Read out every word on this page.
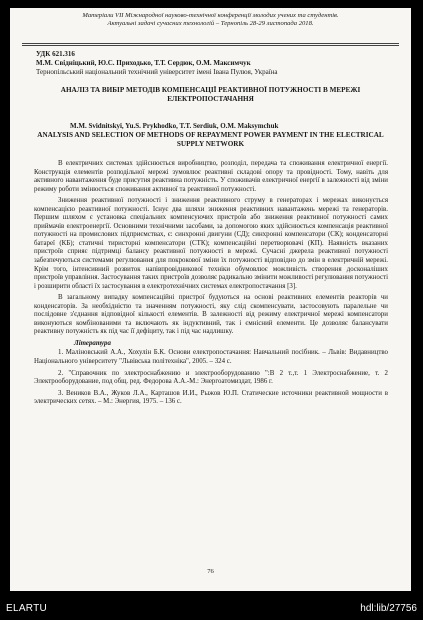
Матеріали VII Міжнародної науково-технічної конференції молодих учених та студентів.
Актуальні задачі сучасних технологій – Тернопіль 28-29 листопада 2018.
УДК 621.316
М.М. Свідніцький, Ю.С. Приходько, Т.Т. Сердюк, О.М. Максимчук
Тернопільський національний технічний університет імені Івана Пулюя, Україна
АНАЛІЗ ТА ВИБІР МЕТОДІВ КОМПЕНСАЦІЇ РЕАКТИВНОЇ ПОТУЖНОСТІ В МЕРЕЖІ ЕЛЕКТРОПОСТАЧАННЯ
M.M. Svidnitskyi, Yu.S. Prykhodko, T.T. Serdiuk, O.M. Maksymchuk
ANALYSIS AND SELECTION OF METHODS OF REPAYMENT POWER PAYMENT IN THE ELECTRICAL SUPPLY NETWORK

В електричних системах здійснюється виробництво, розподіл, передача та споживання електричної енергії. Конструкція елементів розподільної мережі зумовлює реактивні складові опору та провідності. Тому, навіть для активного навантаження буде присутня реактивна потужність. У споживачів електричної енергії в залежності від зміни режиму роботи змінюється споживання активної та реактивної потужності.

Зниження реактивної потужності і зниження реактивного струму в генераторах і мережах виконується компенсацією реактивної потужності. Існує два шляхи зниження реактивних навантажень мережі та генераторів. Першим шляхом є установка спеціальних компенсуючих пристроїв або зниження реактивної потужності самих приймачів електроенергії. Основними технічними засобами, за допомогою яких здійснюється компенсація реактивної потужності на промислових підприємствах, є: синхронні двигуни (СД); синхронні компенсатори (СК); конденсаторні батареї (КБ); статичні тиристорні компенсатори (СТК); компенсаційні перетворювачі (КП). Наявність вказаних пристроїв сприяє підтримці балансу реактивної потужності в мережі. Сучасні джерела реактивної потужності забезпечуються системами регулювання для покрокової зміни їх потужності відповідно до змін в електричній мережі. Крім того, інтенсивний розвиток напівпровідникової техніки обумовлює можливість створення досконаліших пристроїв управління. Застосування таких пристроїв дозволяє радикально змінити можливості регулювання потужності і розширити області їх застосування в електротехнічних системах електропостачання [3].

В загальному випадку компенсаційні пристрої будуються на основі реактивних елементів реакторів чи конденсаторів. За необхідністю та значенням потужності, яку слід скомпенсувати, застосовують паралельне чи послідовне з'єднання відповідної кількості елементів. В залежності від режиму електричної мережі компенсатори виконуються комбінованими та включають як індуктивний, так і ємнісний елементи. Це дозволяє балансувати реактивну потужність як під час її дефіциту, так і під час надлишку.

Література

1. Маліновський А.А., Хохулін Б.К. Основи електропостачання: Навчальний посібник. – Львів: Видавництво Національного університету "Львівська політехніка", 2005. – 324 с.

2. "Справочник по электроснабжению и электрооборудованию ":В 2 т.,т. 1 Электроснабжение, т. 2 Электрооборудование, под общ. ред. Федорова А.А.-М.: Энергоатомиздат, 1986 г.

3. Веников В.А., Жуков Л.А., Карташов И.И., Рыжов Ю.П. Статические источники реактивной мощности в электрических сетях. – М.: Энергия, 1975. – 136 с.

76
ELARTU	hdl:lib/27756
